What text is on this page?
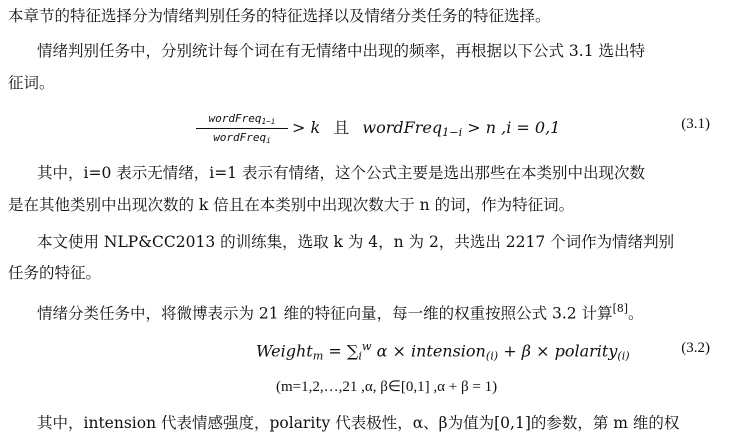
本章节的特征选择分为情绪判别任务的特征选择以及情绪分类任务的特征选择。
情绪判别任务中，分别统计每个词在有无情绪中出现的频率，再根据以下公式 3.1 选出特
征词。
wordFreq$_{1-i}$
wordFreq$_i$
> k 且 wordFreq$_{1-i}$ > n ,i = 0,1	(3.1)
其中，i=0 表示无情绪，i=1 表示有情绪，这个公式主要是选出那些在本类别中出现次数
是在其他类别中出现次数的 k 倍且在本类别中出现次数大于 n 的词，作为特征词。
本文使用 NLP&CC2013 的训练集，选取 k 为 4，n 为 2，共选出 2217 个词作为情绪判别
任务的特征。
情绪分类任务中，将微博表示为 21 维的特征向量，每一维的权重按照公式 3.2 计算[8]。
Weight$_m$ = $\sum_i^w$ α × intension$_{(i)}$ + β × polarity$_{(i)}$
(3.2)
(m=1,2,…,21 ,α, β∈[0,1] ,α + β = 1)
其中，intension 代表情感强度，polarity 代表极性，α、β为值为[0,1]的参数，第 m 维的权
